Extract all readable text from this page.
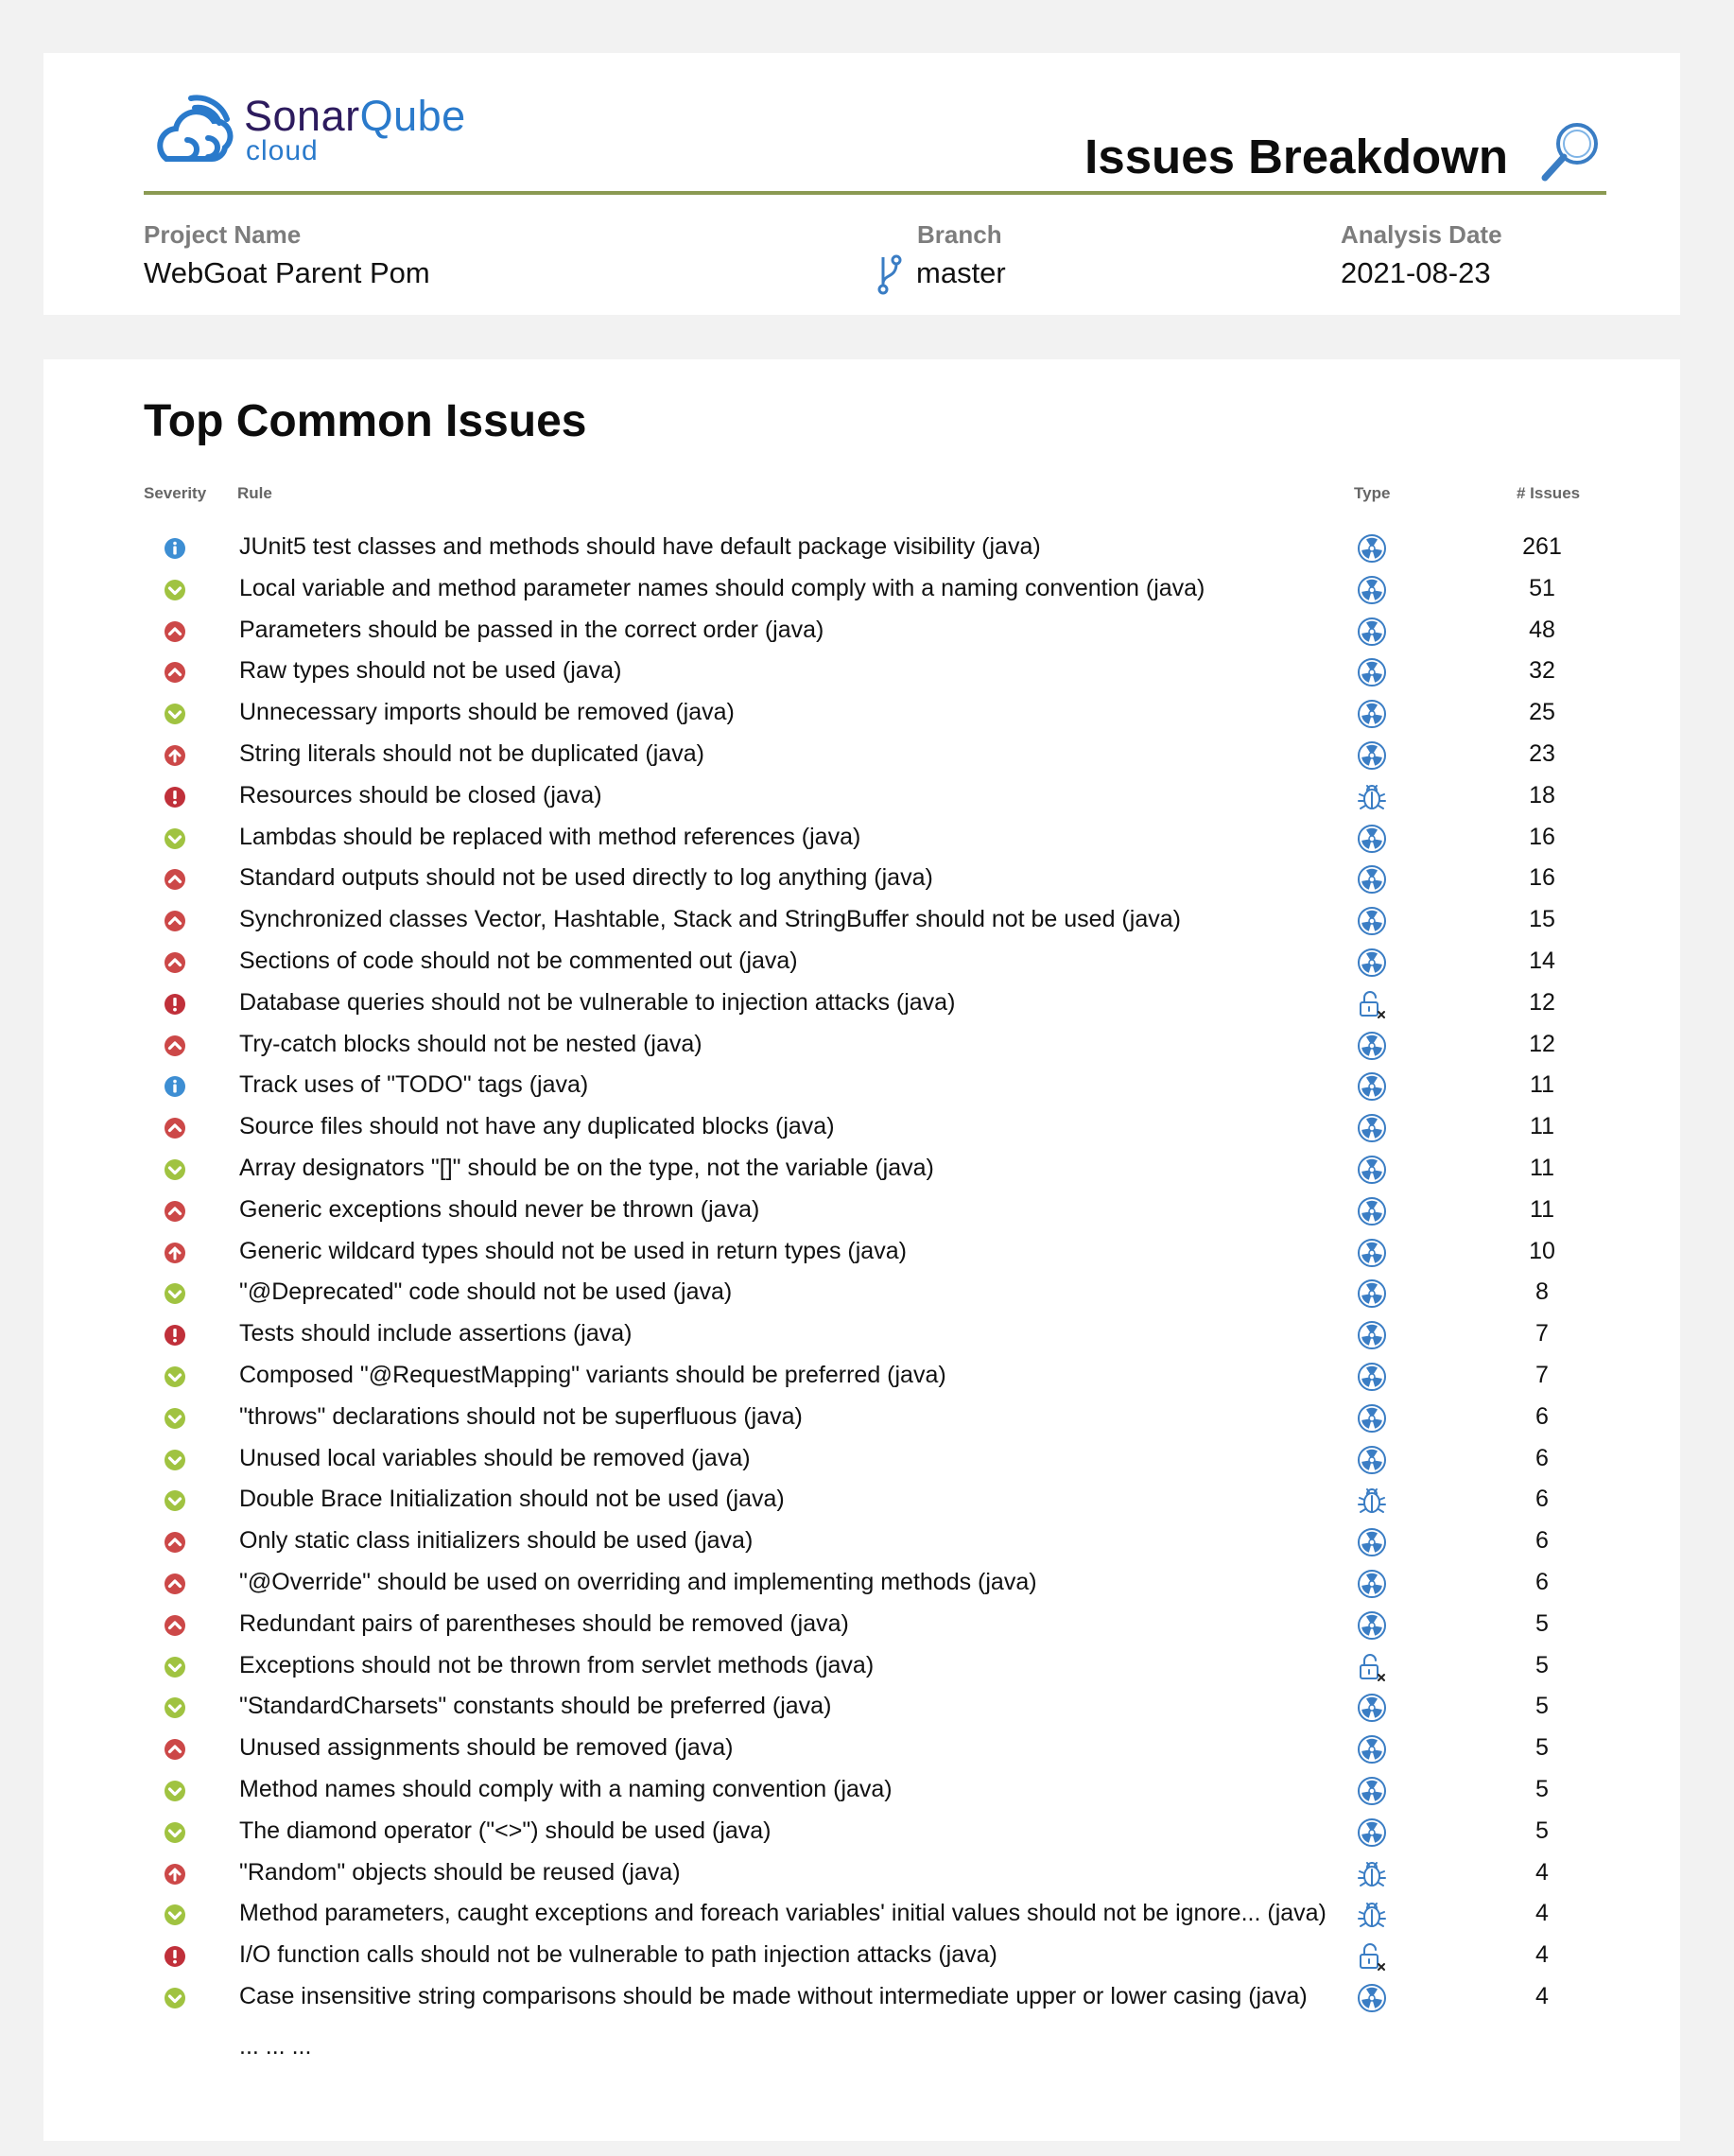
SonarQube
cloud	Issues Breakdown
Project Name
WebGoat Parent Pom
Branch
master
Analysis Date
2021-08-23
Top Common Issues
Severity Rule	Type	# Issues
JUnit5 test classes and methods should have default package visibility (java)	261
Local variable and method parameter names should comply with a naming convention (java)	51
Parameters should be passed in the correct order (java)	48
Raw types should not be used (java)	32
Unnecessary imports should be removed (java)	25
String literals should not be duplicated (java)	23
Resources should be closed (java)	18
Lambdas should be replaced with method references (java)	16
Standard outputs should not be used directly to log anything (java)	16
Synchronized classes Vector, Hashtable, Stack and StringBuffer should not be used (java)	15
Sections of code should not be commented out (java)	14
Database queries should not be vulnerable to injection attacks (java)	12
Try-catch blocks should not be nested (java)	12
Track uses of "TODO" tags (java)	11
Source files should not have any duplicated blocks (java)	11
Array designators "[]" should be on the type, not the variable (java)	11
Generic exceptions should never be thrown (java)	11
Generic wildcard types should not be used in return types (java)	10
"@Deprecated" code should not be used (java)	8
Tests should include assertions (java)	7
Composed "@RequestMapping" variants should be preferred (java)	7
"throws" declarations should not be superfluous (java)	6
Unused local variables should be removed (java)	6
Double Brace Initialization should not be used (java)	6
Only static class initializers should be used (java)	6
"@Override" should be used on overriding and implementing methods (java)	6
Redundant pairs of parentheses should be removed (java)	5
Exceptions should not be thrown from servlet methods (java)	5
"StandardCharsets" constants should be preferred (java)	5
Unused assignments should be removed (java)	5
Method names should comply with a naming convention (java)	5
The diamond operator ("<>") should be used (java)	5
"Random" objects should be reused (java)	4
Method parameters, caught exceptions and foreach variables' initial values should not be ignore... (java)	4
I/O function calls should not be vulnerable to path injection attacks (java)	4
Case insensitive string comparisons should be made without intermediate upper or lower casing (java)	4
... ... ...
